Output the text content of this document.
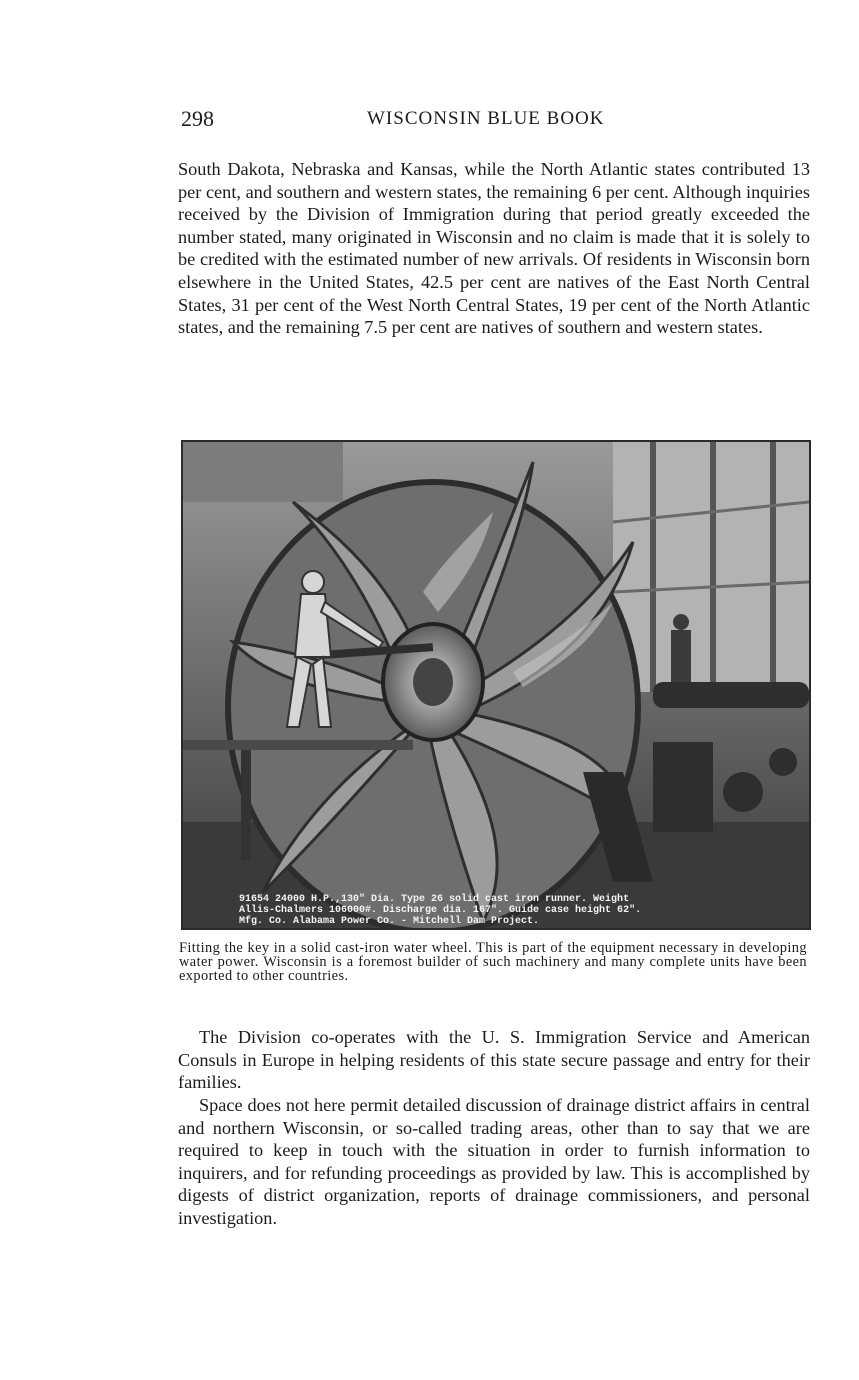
298	WISCONSIN BLUE BOOK

South Dakota, Nebraska and Kansas, while the North Atlantic states contributed 13 per cent, and southern and western states, the remaining 6 per cent. Although inquiries received by the Division of Immigration during that period greatly exceeded the number stated, many originated in Wisconsin and no claim is made that it is solely to be credited with the estimated number of new arrivals. Of residents in Wisconsin born elsewhere in the United States, 42.5 per cent are natives of the East North Central States, 31 per cent of the West North Central States, 19 per cent of the North Atlantic states, and the remaining 7.5 per cent are natives of southern and western states.

91654 24000 H.P.,130" Dia. Type 26 solid cast iron runner. Weight
Allis-Chalmers 106000#. Discharge dia. 167". Guide case height 62".
Mfg. Co. Alabama Power Co. - Mitchell Dam Project.

Fitting the key in a solid cast-iron water wheel. This is part of the equipment necessary in developing water power. Wisconsin is a foremost builder of such machinery and many complete units have been exported to other countries.

The Division co-operates with the U. S. Immigration Service and American Consuls in Europe in helping residents of this state secure passage and entry for their families.

Space does not here permit detailed discussion of drainage district affairs in central and northern Wisconsin, or so-called trading areas, other than to say that we are required to keep in touch with the situation in order to furnish information to inquirers, and for refunding proceedings as provided by law. This is accomplished by digests of district organization, reports of drainage commissioners, and personal investigation.
